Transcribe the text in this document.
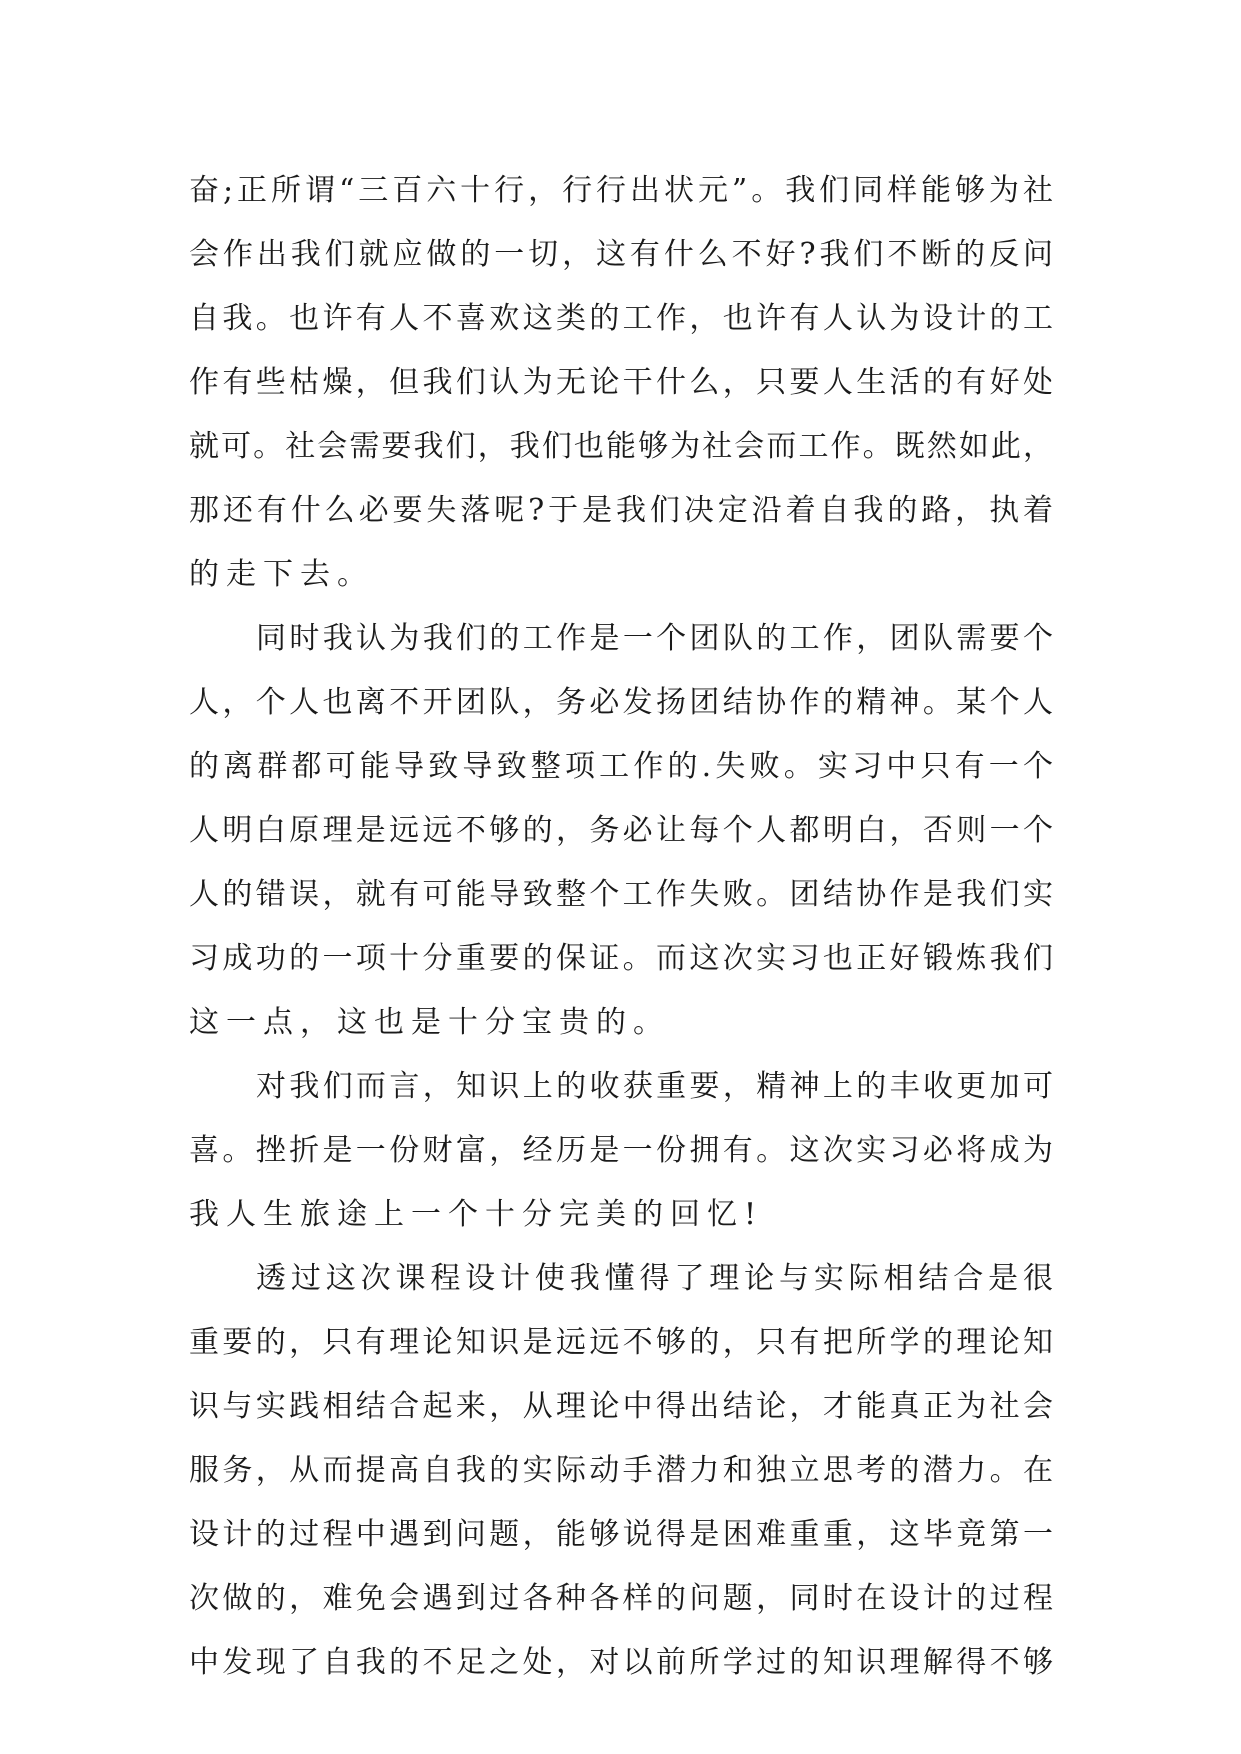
奋;正所谓“三百六十行，行行出状元”。我们同样能够为社
会作出我们就应做的一切，这有什么不好?我们不断的反问
自我。也许有人不喜欢这类的工作，也许有人认为设计的工
作有些枯燥，但我们认为无论干什么，只要人生活的有好处
就可。社会需要我们，我们也能够为社会而工作。既然如此，
那还有什么必要失落呢?于是我们决定沿着自我的路，执着
的走下去。
同时我认为我们的工作是一个团队的工作，团队需要个
人，个人也离不开团队，务必发扬团结协作的精神。某个人
的离群都可能导致导致整项工作的.失败。实习中只有一个
人明白原理是远远不够的，务必让每个人都明白，否则一个
人的错误，就有可能导致整个工作失败。团结协作是我们实
习成功的一项十分重要的保证。而这次实习也正好锻炼我们
这一点，这也是十分宝贵的。
对我们而言，知识上的收获重要，精神上的丰收更加可
喜。挫折是一份财富，经历是一份拥有。这次实习必将成为
我人生旅途上一个十分完美的回忆!
透过这次课程设计使我懂得了理论与实际相结合是很
重要的，只有理论知识是远远不够的，只有把所学的理论知
识与实践相结合起来，从理论中得出结论，才能真正为社会
服务，从而提高自我的实际动手潜力和独立思考的潜力。在
设计的过程中遇到问题，能够说得是困难重重，这毕竟第一
次做的，难免会遇到过各种各样的问题，同时在设计的过程
中发现了自我的不足之处，对以前所学过的知识理解得不够
